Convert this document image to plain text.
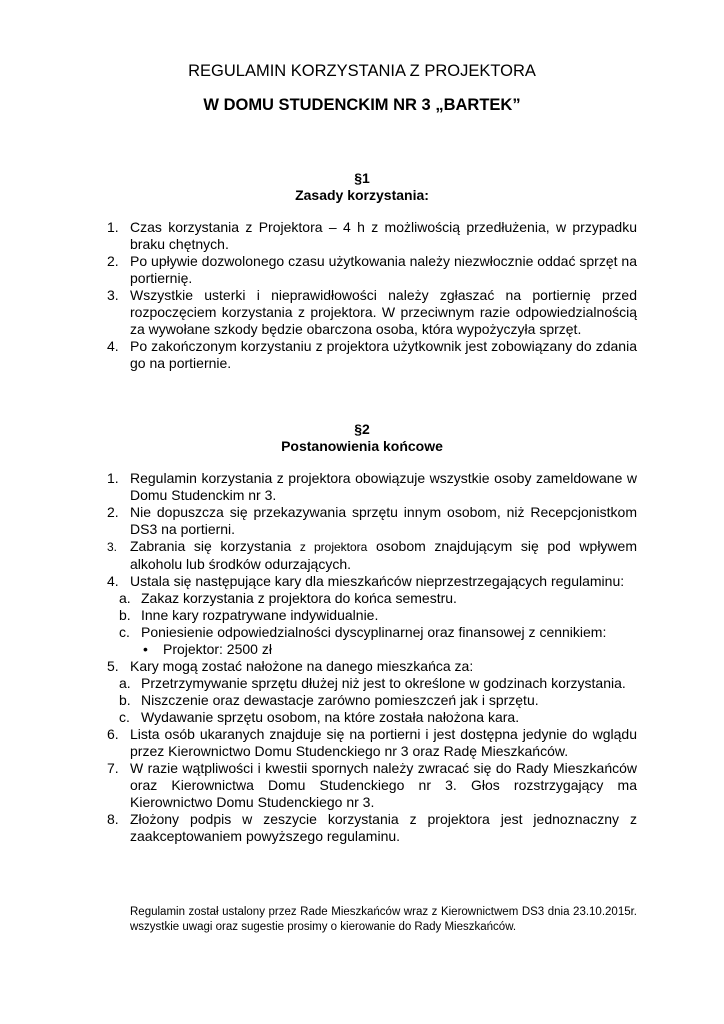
REGULAMIN KORZYSTANIA Z PROJEKTORA
W DOMU STUDENCKIM NR 3 „BARTEK”
§1
Zasady korzystania:
1. Czas korzystania z Projektora – 4 h z możliwością przedłużenia, w przypadku braku chętnych.
2. Po upływie dozwolonego czasu użytkowania należy niezwłocznie oddać sprzęt na portiernię.
3. Wszystkie usterki i nieprawidłowości należy zgłaszać na portiernię przed rozpoczęciem korzystania z projektora. W przeciwnym razie odpowiedzialnością za wywołane szkody będzie obarczona osoba, która wypożyczyła sprzęt.
4. Po zakończonym korzystaniu z projektora użytkownik jest zobowiązany do zdania go na portiernie.
§2
Postanowienia końcowe
1. Regulamin korzystania z projektora obowiązuje wszystkie osoby zameldowane w Domu Studenckim nr 3.
2. Nie dopuszcza się przekazywania sprzętu innym osobom, niż Recepcjonistkom DS3 na portierni.
3. Zabrania się korzystania z projektora osobom znajdującym się pod wpływem alkoholu lub środków odurzających.
4. Ustala się następujące kary dla mieszkańców nieprzestrzegających regulaminu:
a. Zakaz korzystania z projektora do końca semestru.
b. Inne kary rozpatrywane indywidualnie.
c. Poniesienie odpowiedzialności dyscyplinarnej oraz finansowej z cennikiem:
• Projektor: 2500 zł
5. Kary mogą zostać nałożone na danego mieszkańca za:
a. Przetrzymywanie sprzętu dłużej niż jest to określone w godzinach korzystania.
b. Niszczenie oraz dewastacje zarówno pomieszczeń jak i sprzętu.
c. Wydawanie sprzętu osobom, na które została nałożona kara.
6. Lista osób ukaranych znajduje się na portierni i jest dostępna jedynie do wglądu przez Kierownictwo Domu Studenckiego nr 3 oraz Radę Mieszkańców.
7. W razie wątpliwości i kwestii spornych należy zwracać się do Rady Mieszkańców oraz Kierownictwa Domu Studenckiego nr 3. Głos rozstrzygający ma Kierownictwo Domu Studenckiego nr 3.
8. Złożony podpis w zeszycie korzystania z projektora jest jednoznaczny z zaakceptowaniem powyższego regulaminu.
Regulamin został ustalony przez Rade Mieszkańców wraz z Kierownictwem DS3 dnia 23.10.2015r. wszystkie uwagi oraz sugestie prosimy o kierowanie do Rady Mieszkańców.
